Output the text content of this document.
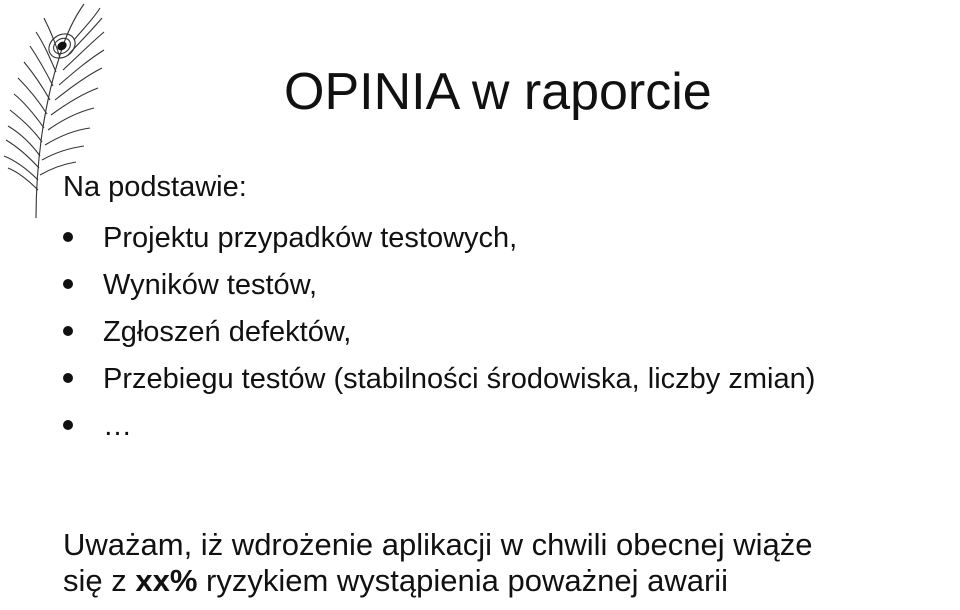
OPINIA w raporcie
Na podstawie:
Projektu przypadków testowych,
Wyników testów,
Zgłoszeń defektów,
Przebiegu testów (stabilności środowiska, liczby zmian)
…
Uważam, iż wdrożenie aplikacji w chwili obecnej wiąże
się z xx% ryzykiem wystąpienia poważnej awarii
